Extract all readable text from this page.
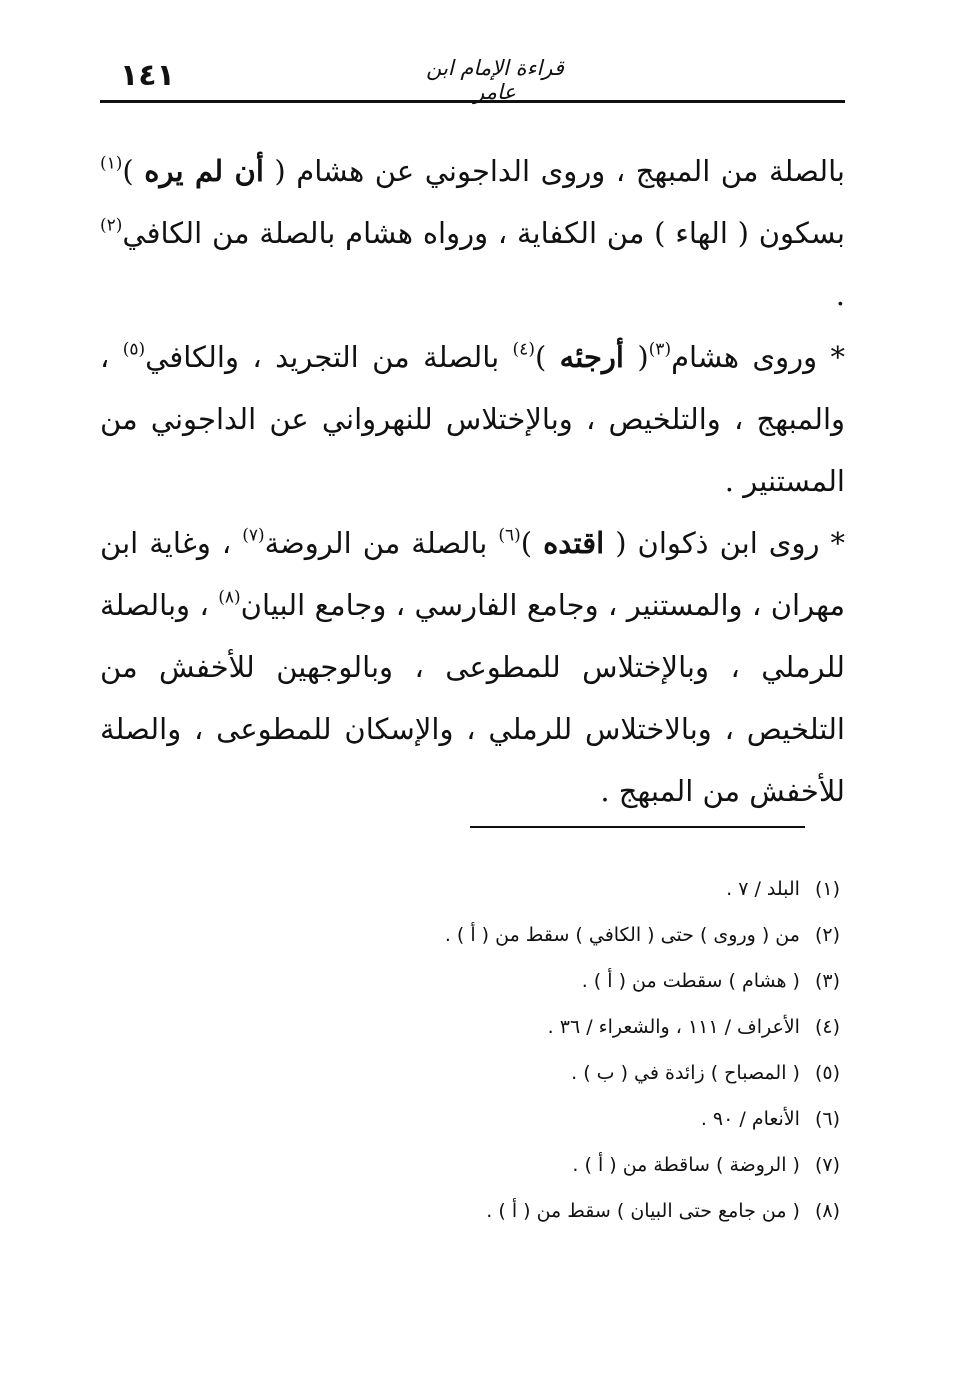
١٤١	قراءة الإمام ابن عامر

بالصلة من المبهج ، وروى الداجوني عن هشام ( أن لم يره )$^{(١)}$ بسكون ( الهاء ) من الكفاية ، ورواه هشام بالصلة من الكافي$^{(٢)}$ .

* وروى هشام$^{(٣)}$( أرجئه )$^{(٤)}$ بالصلة من التجريد ، والكافي$^{(٥)}$ ، والمبهج ، والتلخيص ، وبالإختلاس للنهرواني عن الداجوني من المستنير .

* روى ابن ذكوان ( اقتده )$^{(٦)}$ بالصلة من الروضة$^{(٧)}$ ، وغاية ابن مهران ، والمستنير ، وجامع الفارسي ، وجامع البيان$^{(٨)}$ ، وبالصلة للرملي ، وبالإختلاس للمطوعى ، وبالوجهين للأخفش من التلخيص ، وبالاختلاس للرملي ، والإسكان للمطوعى ، والصلة للأخفش من المبهج .

(١) البلد / ٧ .
(٢) من ( وروى ) حتى ( الكافي ) سقط من ( أ ) .
(٣) ( هشام ) سقطت من ( أ ) .
(٤) الأعراف / ١١١ ، والشعراء / ٣٦ .
(٥) ( المصباح ) زائدة في ( ب ) .
(٦) الأنعام / ٩٠ .
(٧) ( الروضة ) ساقطة من ( أ ) .
(٨) ( من جامع حتى البيان ) سقط من ( أ ) .
